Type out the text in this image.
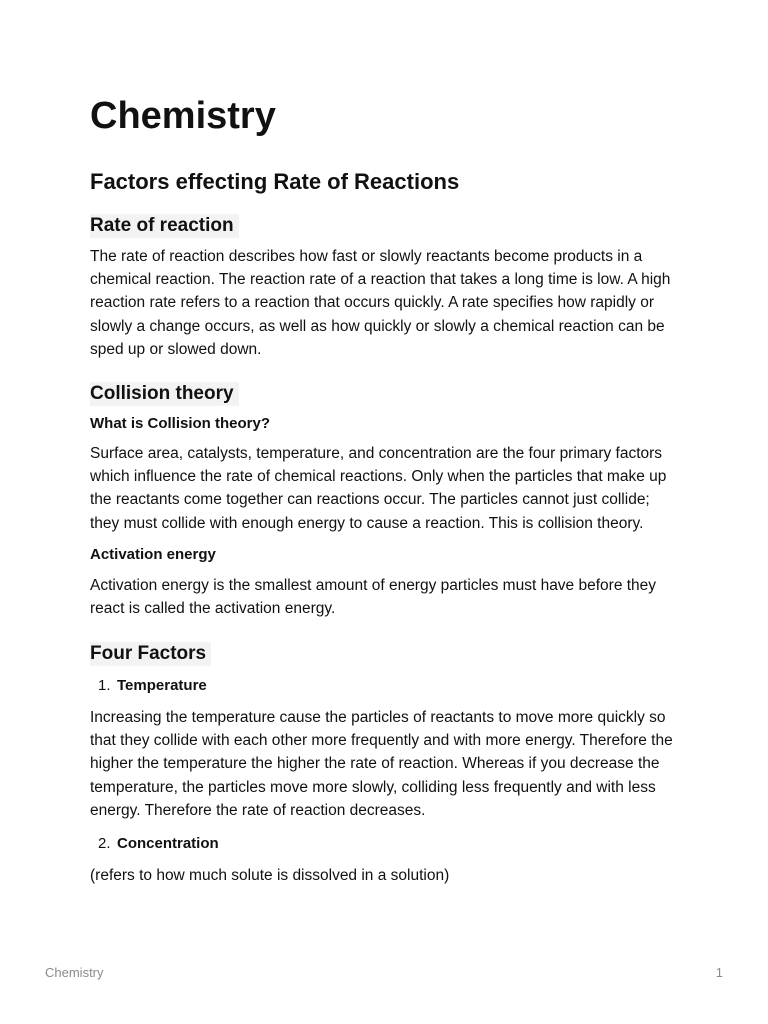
Chemistry
Factors effecting Rate of Reactions
Rate of reaction

The rate of reaction describes how fast or slowly reactants become products in a chemical reaction. The reaction rate of a reaction that takes a long time is low. A high reaction rate refers to a reaction that occurs quickly. A rate specifies how rapidly or slowly a change occurs, as well as how quickly or slowly a chemical reaction can be sped up or slowed down.

Collision theory
What is Collision theory?

Surface area, catalysts, temperature, and concentration are the four primary factors which influence the rate of chemical reactions. Only when the particles that make up the reactants come together can reactions occur. The particles cannot just collide; they must collide with enough energy to cause a reaction. This is collision theory.

Activation energy

Activation energy is the smallest amount of energy particles must have before they react is called the activation energy.

Four Factors
1. Temperature

Increasing the temperature cause the particles of reactants to move more quickly so that they collide with each other more frequently and with more energy. Therefore the higher the temperature the higher the rate of reaction. Whereas if you decrease the temperature, the particles move more slowly, colliding less frequently and with less energy. Therefore the rate of reaction decreases.

2. Concentration

(refers to how much solute is dissolved in a solution)

Chemistry	1
